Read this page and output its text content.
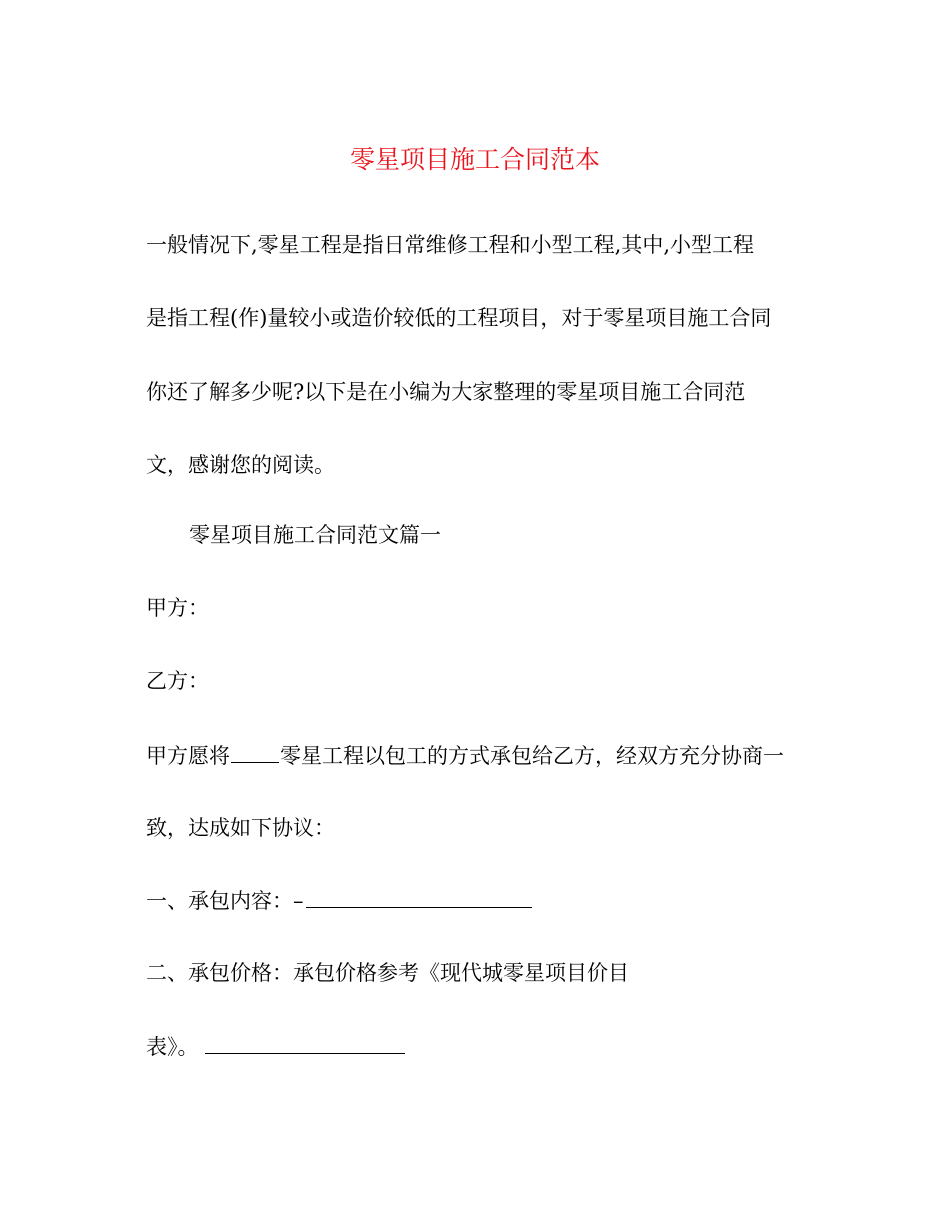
零星项目施工合同范本
一般情况下,零星工程是指日常维修工程和小型工程,其中,小型工程
是指工程(作)量较小或造价较低的工程项目，对于零星项目施工合同
你还了解多少呢?以下是在小编为大家整理的零星项目施工合同范
文，感谢您的阅读。
零星项目施工合同范文篇一
甲方：
乙方：
甲方愿将 零星工程以包工的方式承包给乙方，经双方充分协商一
致，达成如下协议：
一、承包内容：–
二、承包价格：承包价格参考《现代城零星项目价目
表》。
